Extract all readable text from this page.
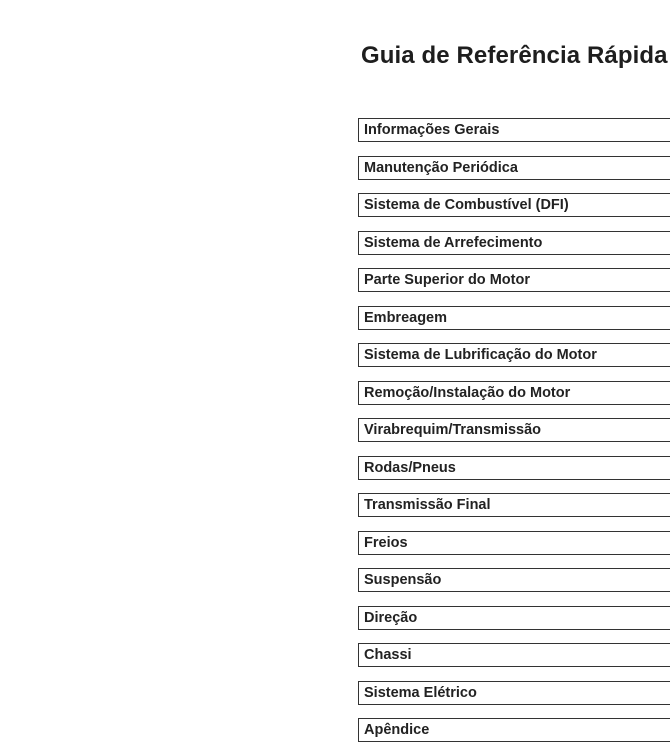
Guia de Referência Rápida
Informações Gerais
Manutenção Periódica
Sistema de Combustível (DFI)
Sistema de Arrefecimento
Parte Superior do Motor
Embreagem
Sistema de Lubrificação do Motor
Remoção/Instalação do Motor
Virabrequim/Transmissão
Rodas/Pneus
Transmissão Final
Freios
Suspensão
Direção
Chassi
Sistema Elétrico
Apêndice
